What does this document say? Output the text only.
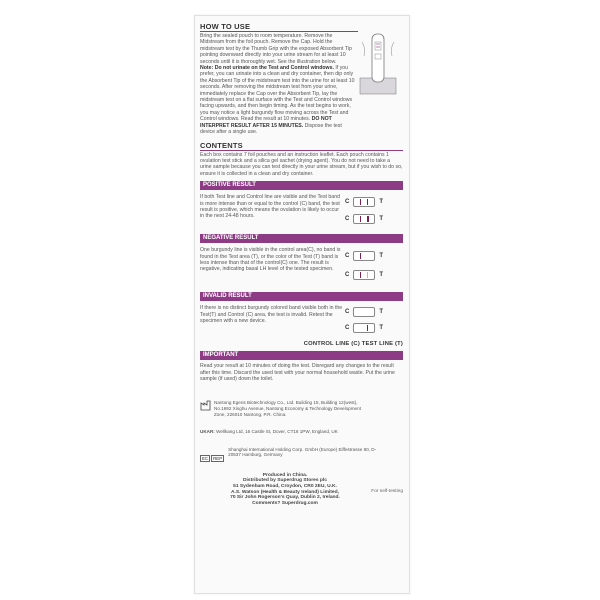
HOW TO USE

Bring the sealed pouch to room temperature. Remove the Midstream from the foil pouch. Remove the Cap. Hold the midstream test by the Thumb Grip with the exposed Absorbent Tip pointing downward directly into your urine stream for at least 10 seconds until it is thoroughly wet. See the illustration below.

Note: Do not urinate on the Test and Control windows. If you prefer, you can urinate into a clean and dry container, then dip only the Absorbent Tip of the midstream test into the urine for at least 10 seconds. After removing the midstream test from your urine, immediately replace the Cap over the Absorbent Tip, lay the midstream test on a flat surface with the Test and Control windows facing upwards, and then begin timing. As the test begins to work, you may notice a light burgundy flow moving across the Test and Control windows. Read the result at 10 minutes. DO NOT INTERPRET RESULT AFTER 15 MINUTES. Dispose the test device after a single use.

CONTENTS

Each box contains 7 foil pouches and an instruction leaflet. Each pouch contains 1 ovulation test stick and a silica gel sachet (drying agent). You do not need to take a urine sample because you can test directly in your urine stream, but if you wish to do so, ensure it is collected in a clean and dry container.

POSITIVE RESULT

If both Test line and Control line are visible and the Test band is more intense than or equal to the control (C) band, the test result is positive, which means the ovulation is likely to occur in the next 24-48 hours.

C	T
C	T
NEGATIVE RESULT

One burgundy line is visible in the control area(C), no band is found in the Test area (T), or the color of the Test (T) band is less intense than that of the control(C) one. The result is negative, indicating basal LH level of the tested specimen.

C	T
C	T
INVALID RESULT

If there is no distinct burgundy colored band visible both in the Test(T) and Control (C) area, the test is invalid. Retest the specimen with a new device.

C	T
C	T
CONTROL LINE (C) TEST LINE (T)
IMPORTANT

Read your result at 10 minutes of doing the test. Disregard any changes to the result after this time. Discard the used test with your normal household waste. Put the urine sample (if used) down the toilet.

Nantong Egens Biotechnology Co., Ltd. Building 15, Building 12(west), No.1692 Xinghu Avenue, Nantong Economy & Technology Development Zone, 226010 Nantong, P.R. China.

UKAR: Wellkang Ltd, 16 Castle St, Dover, CT16 1PW, England, UK

EC REP

Shanghai International Holding Corp. GmbH (Europe) Eiffestrasse 80, D-20537 Hamburg, Germany

Produced in China.
Distributed by Superdrug Stores plc
51 Sydenham Road, Croydon, CR0 2EU, U.K.
A.S. Watson (Health & Beauty Ireland) Limited,
70 Sir John Rogerson's Quay, Dublin 2, Ireland.
Comments? Superdrug.com
For self-testing
